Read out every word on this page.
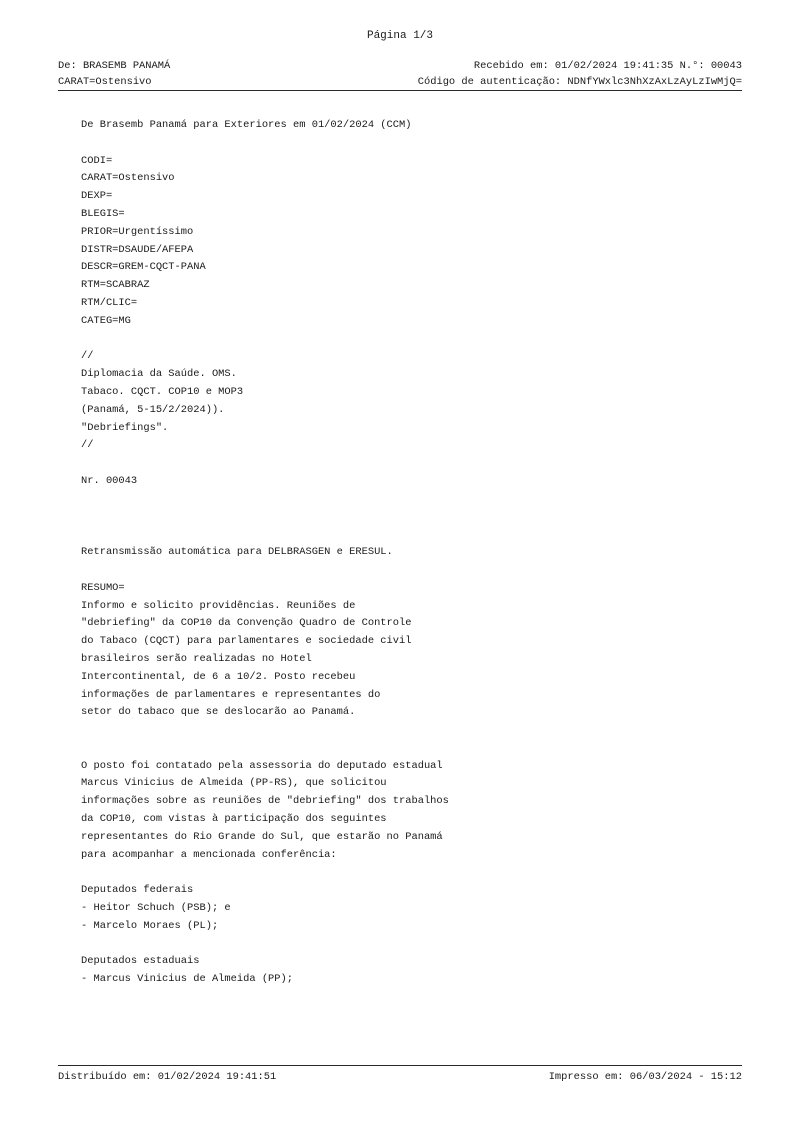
Página 1/3
De: BRASEMB PANAMÁ	Recebido em: 01/02/2024 19:41:35 N.°: 00043
CARAT=Ostensivo	Código de autenticação: NDNfYWxlc3NhXzAxLzAyLzIwMjQ=
De Brasemb Panamá para Exteriores em 01/02/2024 (CCM)
CODI=
CARAT=Ostensivo
DEXP=
BLEGIS=
PRIOR=Urgentíssimo
DISTR=DSAUDE/AFEPA
DESCR=GREM-CQCT-PANA
RTM=SCABRAZ
RTM/CLIC=
CATEG=MG
//
Diplomacia da Saúde. OMS.
Tabaco. CQCT. COP10 e MOP3
(Panamá, 5-15/2/2024)).
"Debriefings".
//
Nr. 00043
Retransmissão automática para DELBRASGEN e ERESUL.
RESUMO=
Informo e solicito providências. Reuniões de
"debriefing" da COP10 da Convenção Quadro de Controle
do Tabaco (CQCT) para parlamentares e sociedade civil
brasileiros serão realizadas no Hotel
Intercontinental, de 6 a 10/2. Posto recebeu
informações de parlamentares e representantes do
setor do tabaco que se deslocarão ao Panamá.
O posto foi contatado pela assessoria do deputado estadual
Marcus Vinicius de Almeida (PP-RS), que solicitou
informações sobre as reuniões de "debriefing" dos trabalhos
da COP10, com vistas à participação dos seguintes
representantes do Rio Grande do Sul, que estarão no Panamá
para acompanhar a mencionada conferência:
Deputados federais
- Heitor Schuch (PSB); e
- Marcelo Moraes (PL);
Deputados estaduais
- Marcus Vinicius de Almeida (PP);
Distribuído em: 01/02/2024 19:41:51	Impresso em: 06/03/2024 - 15:12
